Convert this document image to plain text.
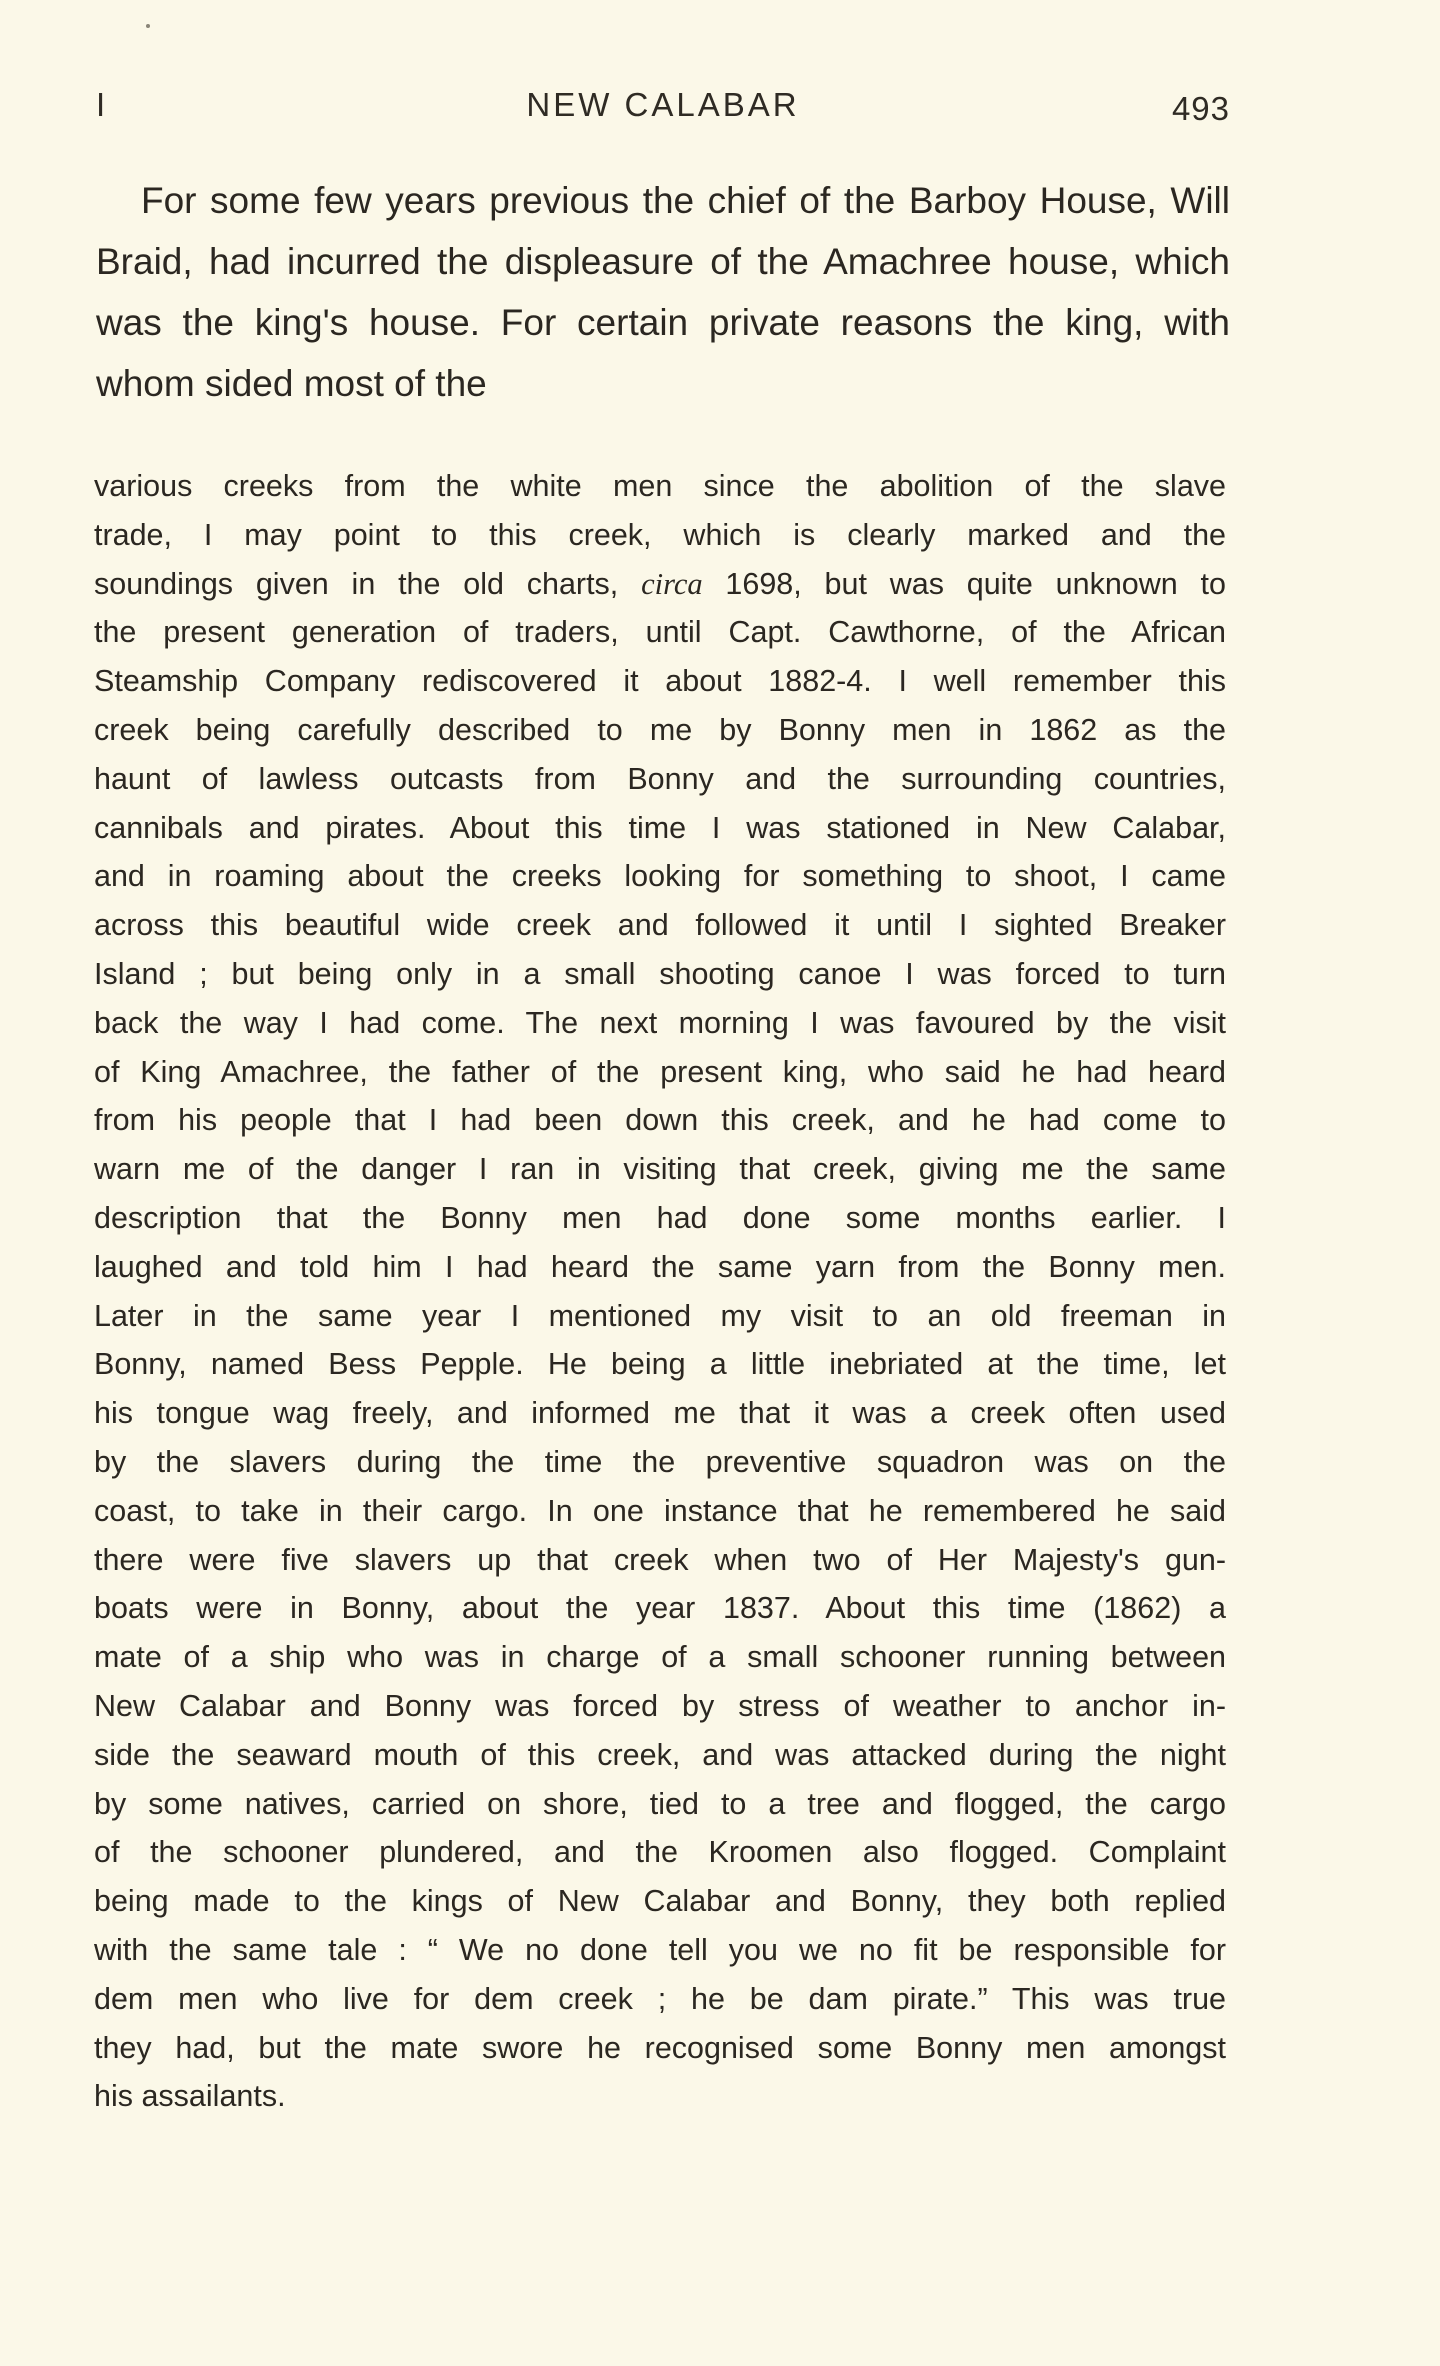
I	NEW CALABAR	493

For some few years previous the chief of the Barboy House, Will Braid, had incurred the displeasure of the Amachree house, which was the king's house. For certain private reasons the king, with whom sided most of the

various creeks from the white men since the abolition of the slave
trade, I may point to this creek, which is clearly marked and the
soundings given in the old charts, circa 1698, but was quite unknown to
the present generation of traders, until Capt. Cawthorne, of the African
Steamship Company rediscovered it about 1882-4. I well remember this
creek being carefully described to me by Bonny men in 1862 as the
haunt of lawless outcasts from Bonny and the surrounding countries,
cannibals and pirates. About this time I was stationed in New Calabar,
and in roaming about the creeks looking for something to shoot, I came
across this beautiful wide creek and followed it until I sighted Breaker
Island ; but being only in a small shooting canoe I was forced to turn
back the way I had come. The next morning I was favoured by the visit
of King Amachree, the father of the present king, who said he had heard
from his people that I had been down this creek, and he had come to
warn me of the danger I ran in visiting that creek, giving me the same
description that the Bonny men had done some months earlier. I
laughed and told him I had heard the same yarn from the Bonny men.
Later in the same year I mentioned my visit to an old freeman in
Bonny, named Bess Pepple. He being a little inebriated at the time, let
his tongue wag freely, and informed me that it was a creek often used
by the slavers during the time the preventive squadron was on the
coast, to take in their cargo. In one instance that he remembered he said
there were five slavers up that creek when two of Her Majesty's gun-
boats were in Bonny, about the year 1837. About this time (1862) a
mate of a ship who was in charge of a small schooner running between
New Calabar and Bonny was forced by stress of weather to anchor in-
side the seaward mouth of this creek, and was attacked during the night
by some natives, carried on shore, tied to a tree and flogged, the cargo
of the schooner plundered, and the Kroomen also flogged. Complaint
being made to the kings of New Calabar and Bonny, they both replied
with the same tale : “ We no done tell you we no fit be responsible for
dem men who live for dem creek ; he be dam pirate.” This was true
they had, but the mate swore he recognised some Bonny men amongst
his assailants.
